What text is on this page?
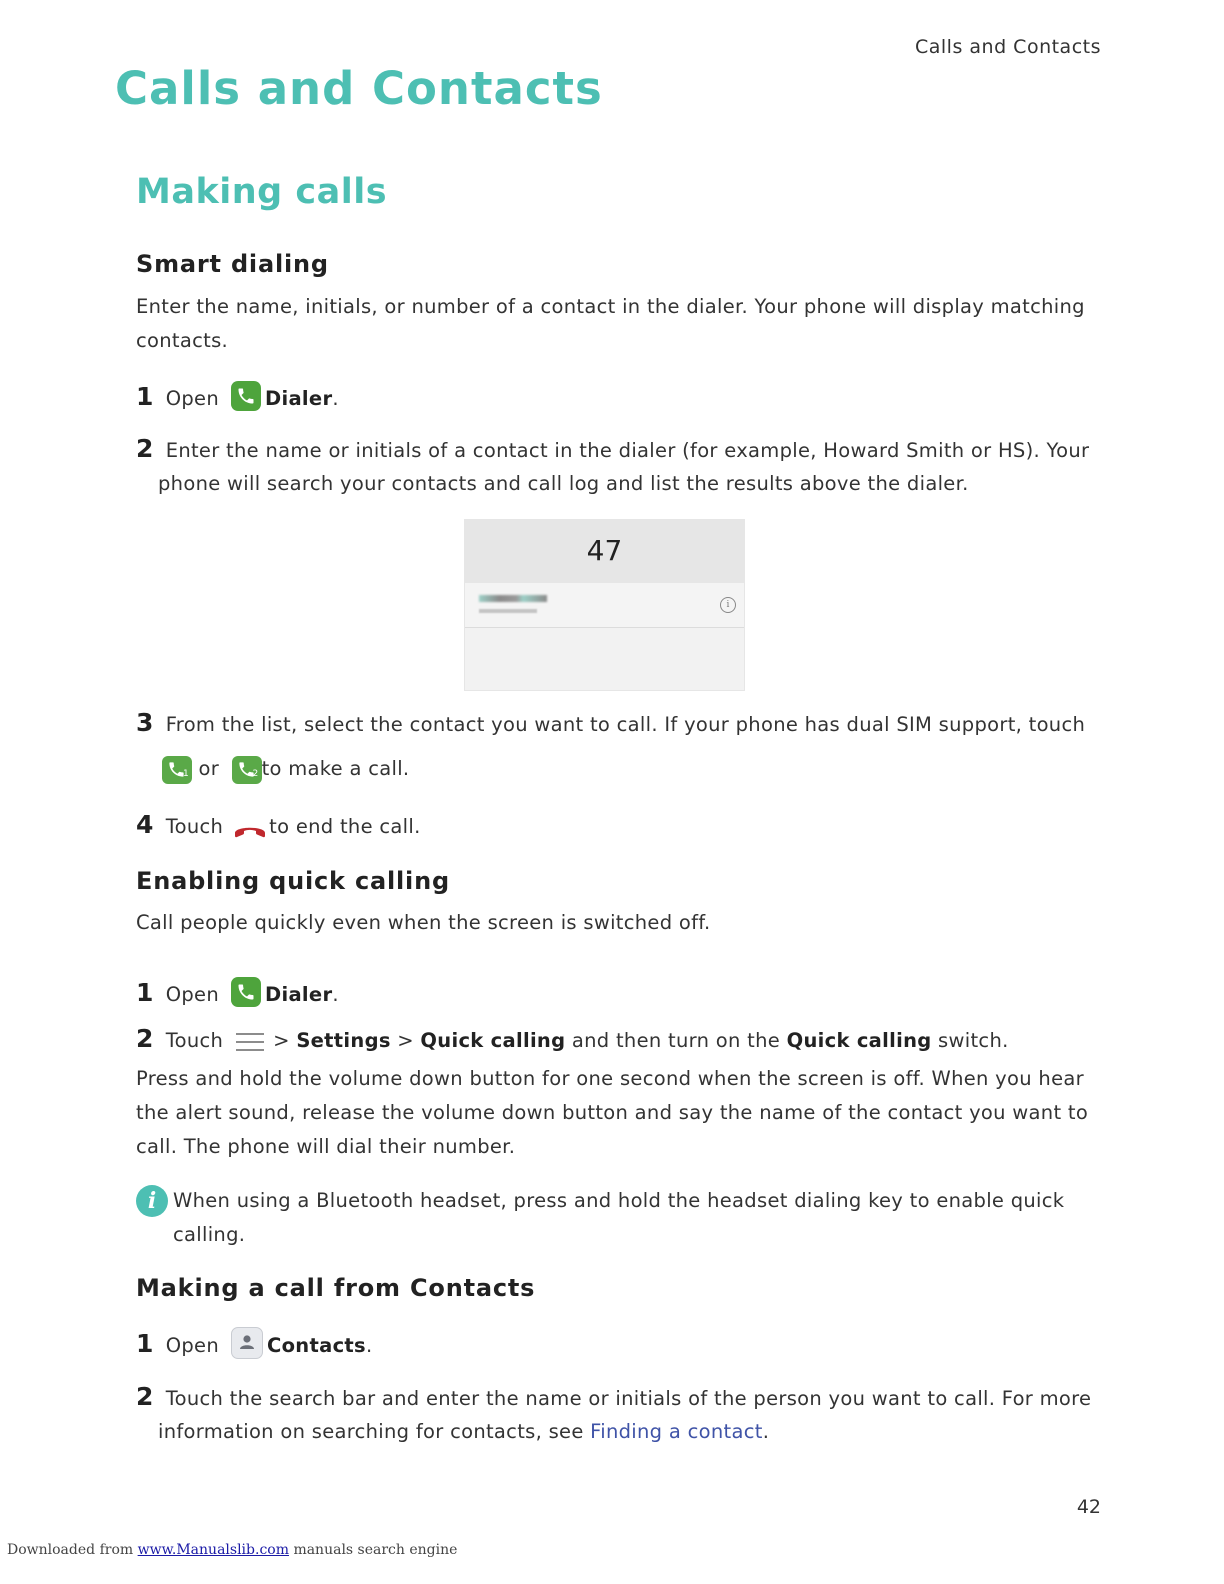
Calls and Contacts
Calls and Contacts
Making calls
Smart dialing
Enter the name, initials, or number of a contact in the dialer. Your phone will display matching contacts.
1 Open Dialer.
2 Enter the name or initials of a contact in the dialer (for example, Howard Smith or HS). Your
phone will search your contacts and call log and list the results above the dialer.
47
i
3 From the list, select the contact you want to call. If your phone has dual SIM support, touch
1 or	2 to make a call.
4 Touch to end the call.
Enabling quick calling
Call people quickly even when the screen is switched off.
1 Open Dialer.
2 Touch	> Settings > Quick calling and then turn on the Quick calling switch.
Press and hold the volume down button for one second when the screen is off. When you hear the alert sound, release the volume down button and say the name of the contact you want to call. The phone will dial their number.
i When using a Bluetooth headset, press and hold the headset dialing key to enable quick calling.
Making a call from Contacts
1 Open Contacts.
2 Touch the search bar and enter the name or initials of the person you want to call. For more
information on searching for contacts, see Finding a contact.
42
Downloaded from www.Manualslib.com manuals search engine
